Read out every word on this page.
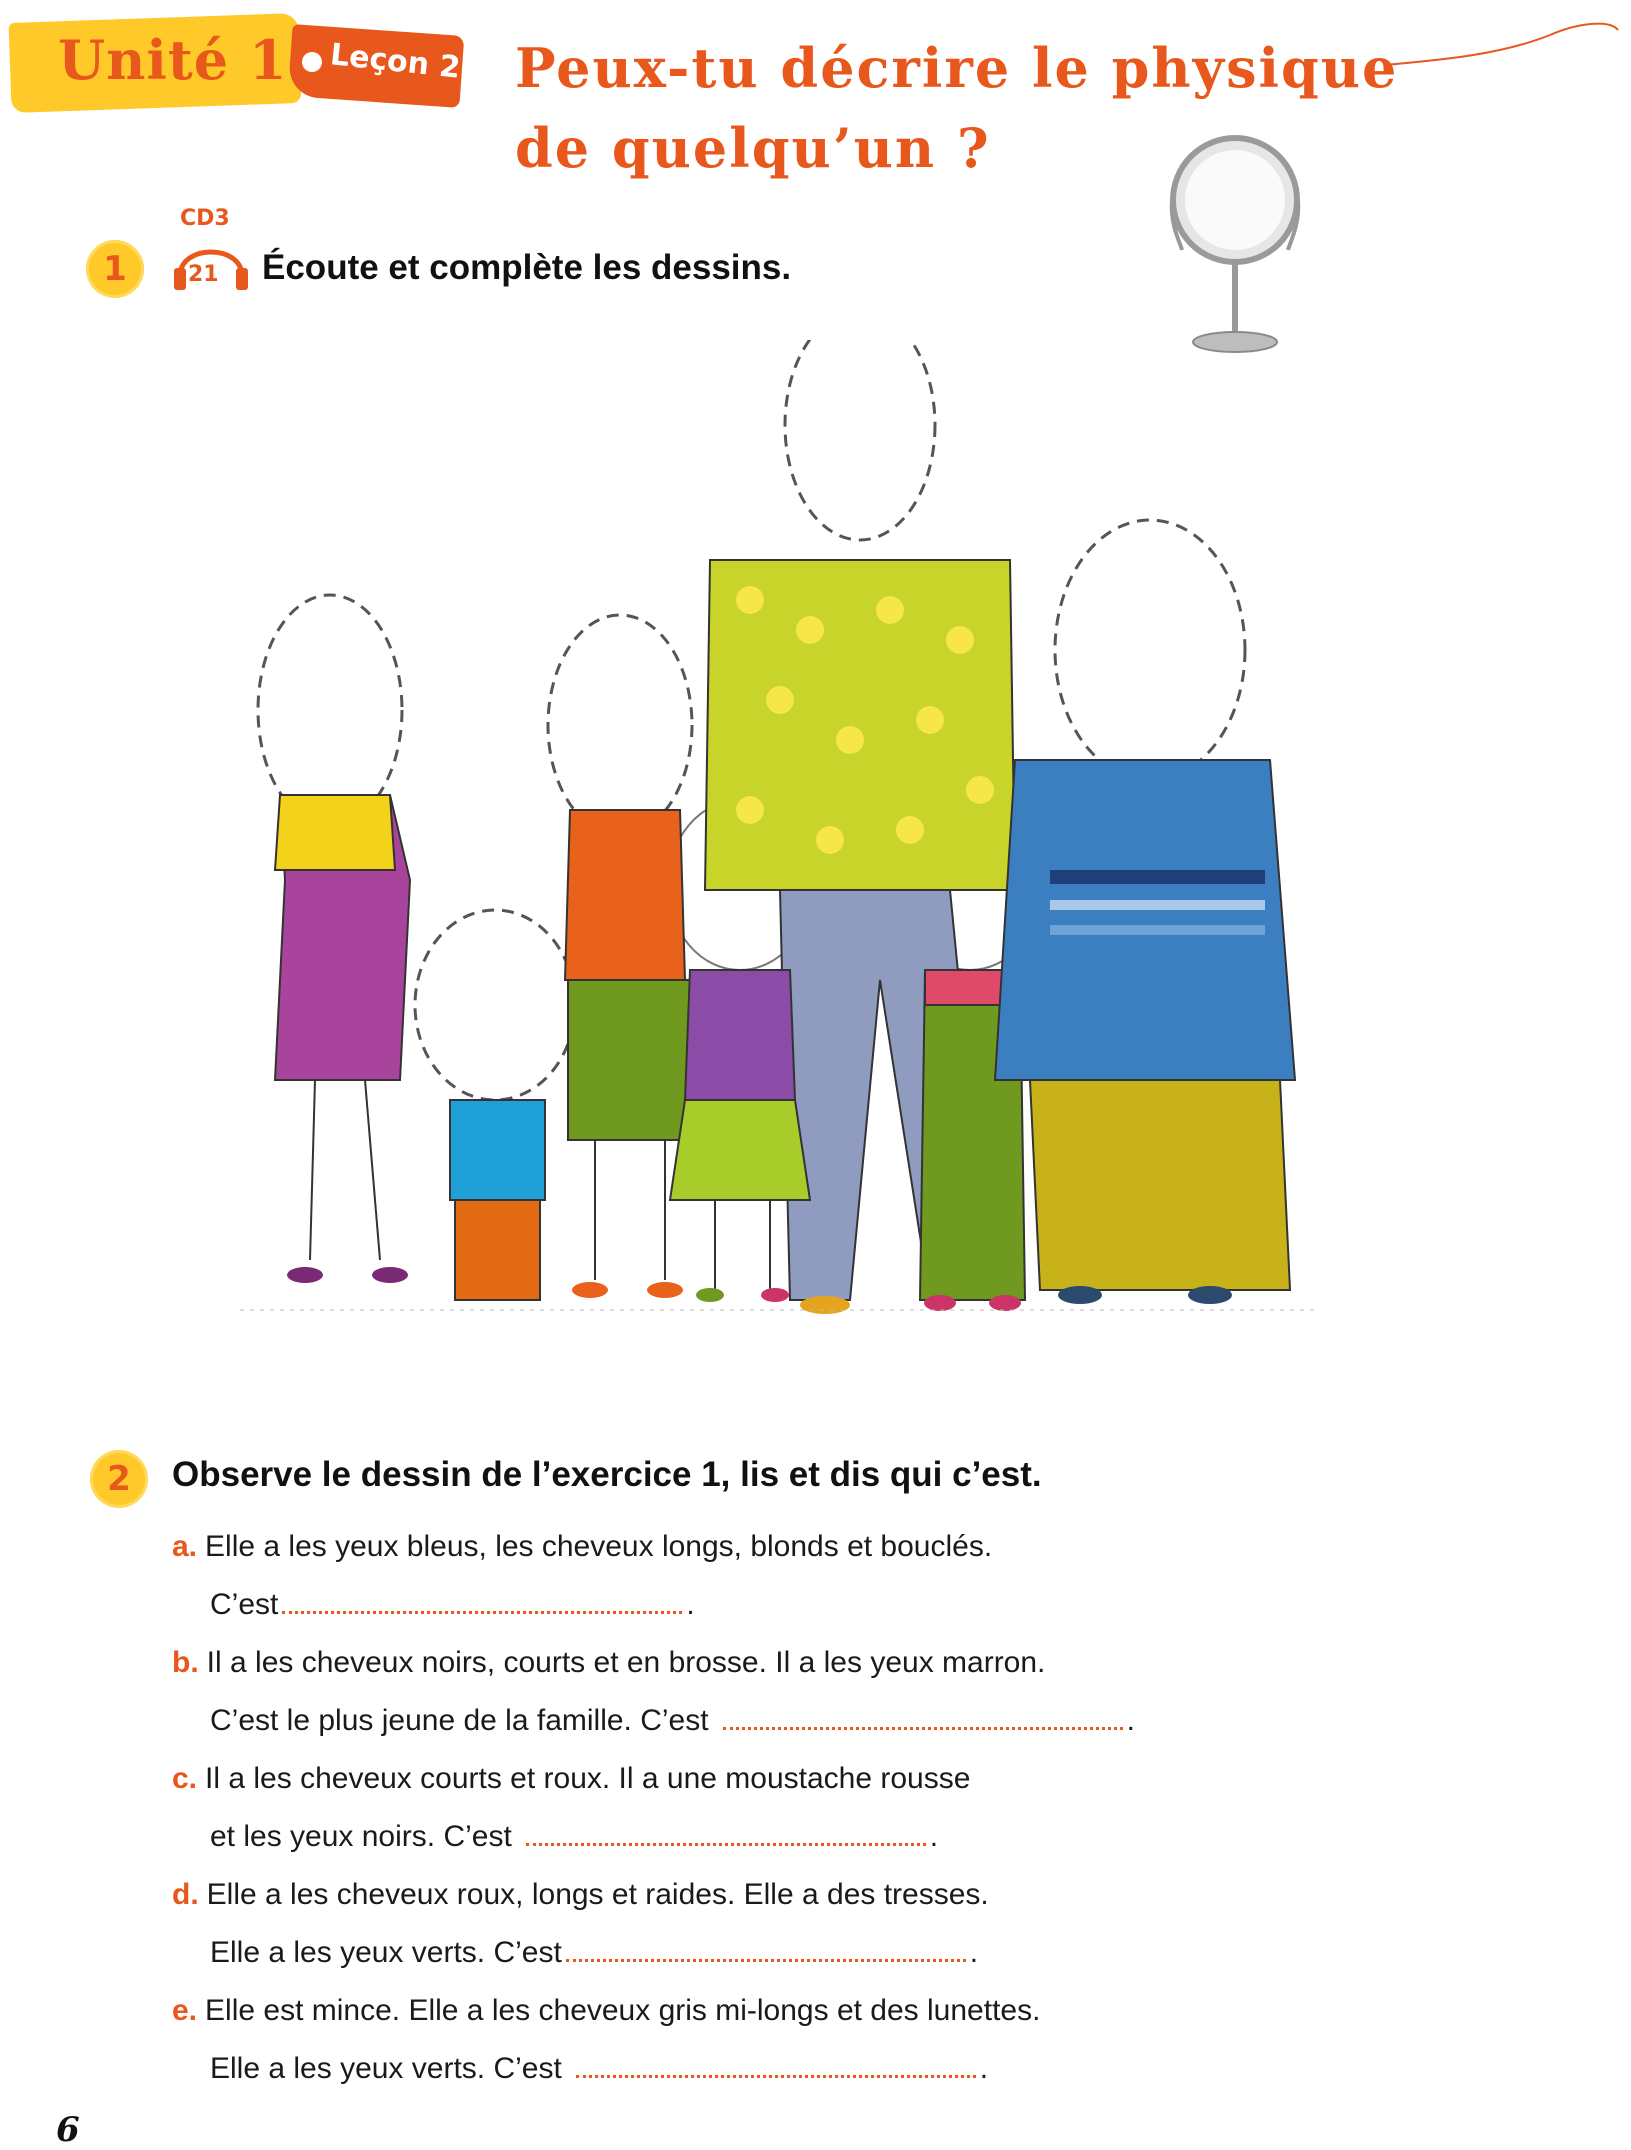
Unité 1 Leçon 2 Peux-tu décrire le physique
de quelqu’un ?
1
CD3
21 Écoute et complète les dessins.
2	Observe le dessin de l’exercice 1, lis et dis qui c’est.
a. Elle a les yeux bleus, les cheveux longs, blonds et bouclés.
C’est	.
b. Il a les cheveux noirs, courts et en brosse. Il a les yeux marron.
C’est le plus jeune de la famille. C’est	.
c. Il a les cheveux courts et roux. Il a une moustache rousse
et les yeux noirs. C’est	.
d. Elle a les cheveux roux, longs et raides. Elle a des tresses.
Elle a les yeux verts. C’est	.
e. Elle est mince. Elle a les cheveux gris mi-longs et des lunettes.
Elle a les yeux verts. C’est	.
6
